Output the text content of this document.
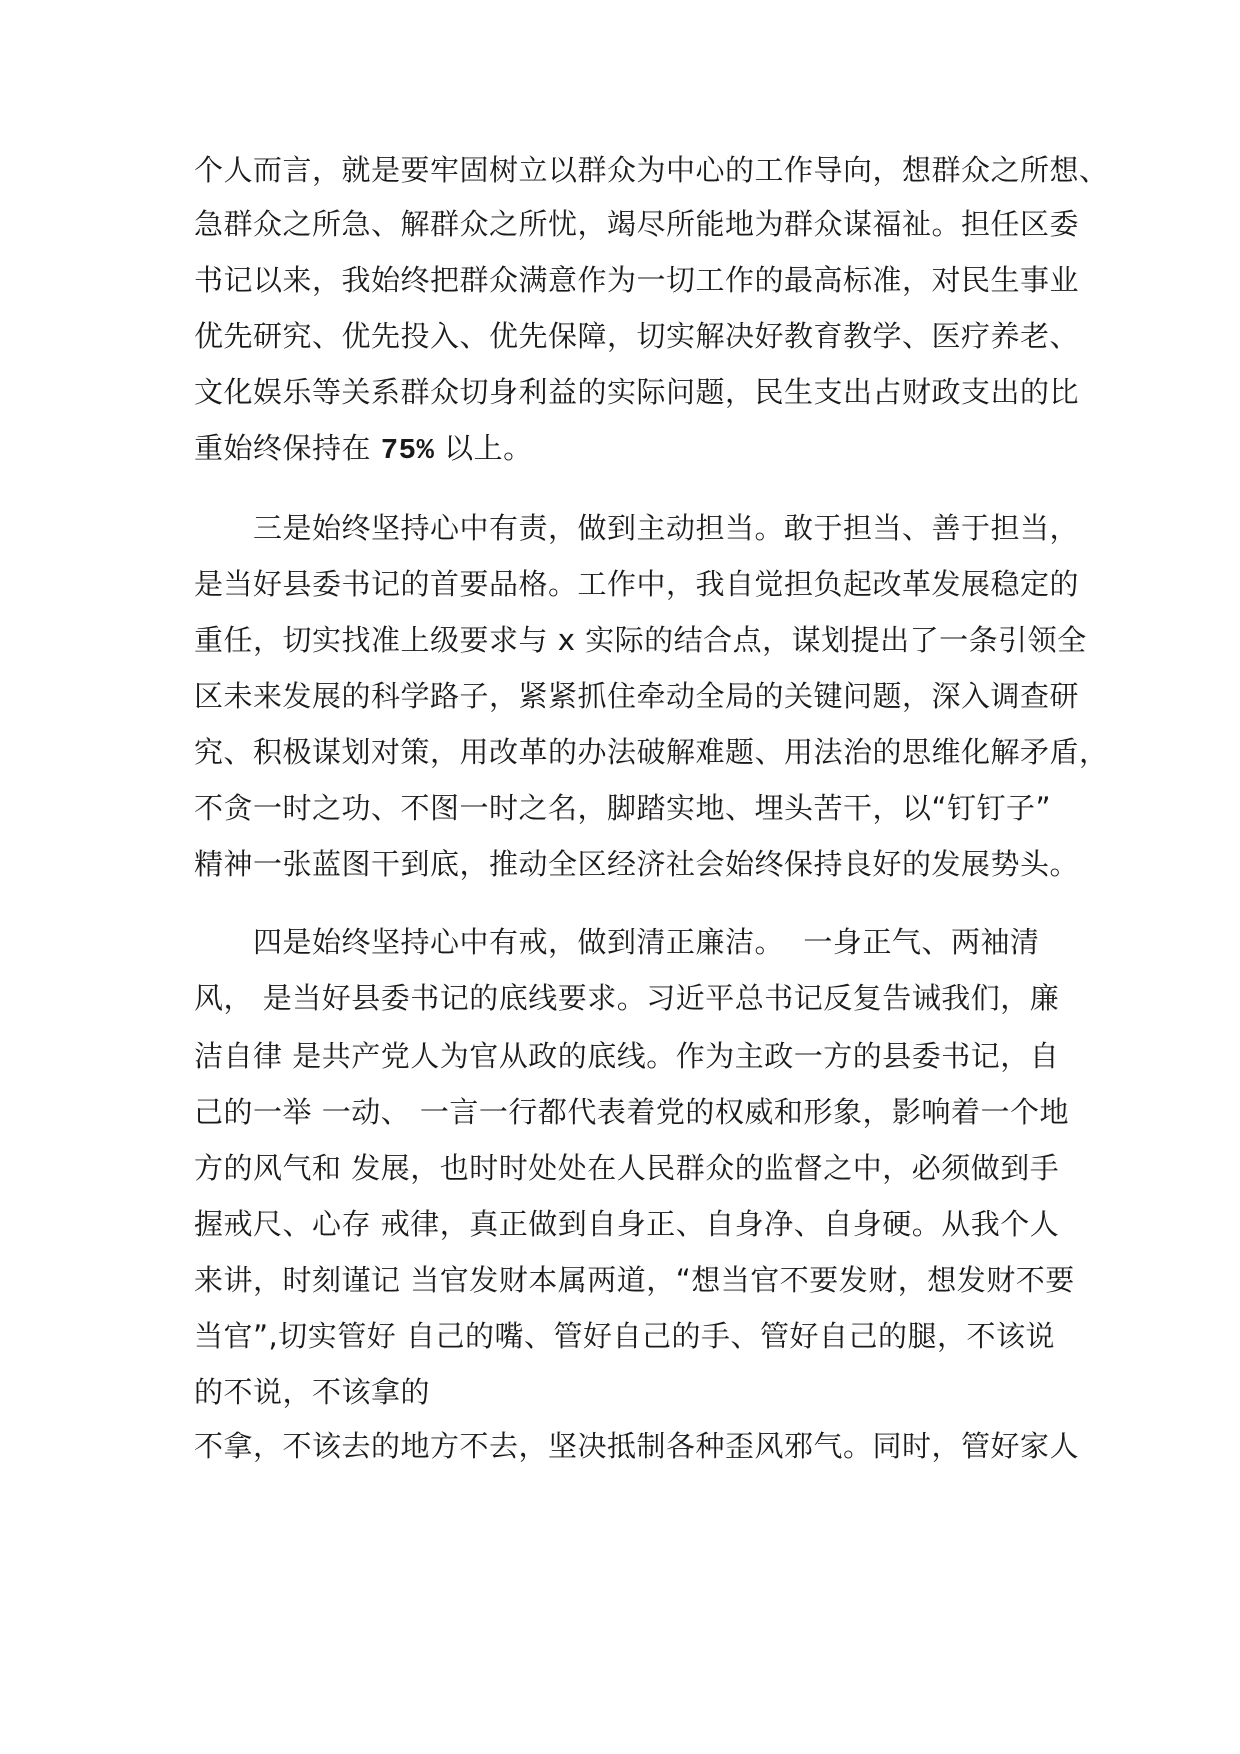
个人而言，就是要牢固树立以群众为中心的工作导向，想群众之所想、
急群众之所急、解群众之所忧，竭尽所能地为群众谋福祉。担任区委
书记以来，我始终把群众满意作为一切工作的最高标准，对民生事业
优先研究、优先投入、优先保障，切实解决好教育教学、医疗养老、
文化娱乐等关系群众切身利益的实际问题，民生支出占财政支出的比
重始终保持在 75% 以上。
三是始终坚持心中有责，做到主动担当。敢于担当、善于担当，
是当好县委书记的首要品格。工作中，我自觉担负起改革发展稳定的
重任，切实找准上级要求与 x 实际的结合点，谋划提出了一条引领全
区未来发展的科学路子，紧紧抓住牵动全局的关键问题，深入调查研
究、积极谋划对策，用改革的办法破解难题、用法治的思维化解矛盾，
不贪一时之功、不图一时之名，脚踏实地、埋头苦干，以“钉钉子”
精神一张蓝图干到底，推动全区经济社会始终保持良好的发展势头。
四是始终坚持心中有戒，做到清正廉洁。  一身正气、两袖清
风， 是当好县委书记的底线要求。习近平总书记反复告诫我们，廉
洁自律 是共产党人为官从政的底线。作为主政一方的县委书记，自
己的一举 一动、 一言一行都代表着党的权威和形象，影响着一个地
方的风气和 发展，也时时处处在人民群众的监督之中，必须做到手
握戒尺、心存 戒律，真正做到自身正、自身净、自身硬。从我个人
来讲，时刻谨记 当官发财本属两道，“想当官不要发财，想发财不要
当官”,切实管好 自己的嘴、管好自己的手、管好自己的腿，不该说
的不说，不该拿的
不拿，不该去的地方不去，坚决抵制各种歪风邪气。同时，管好家人
